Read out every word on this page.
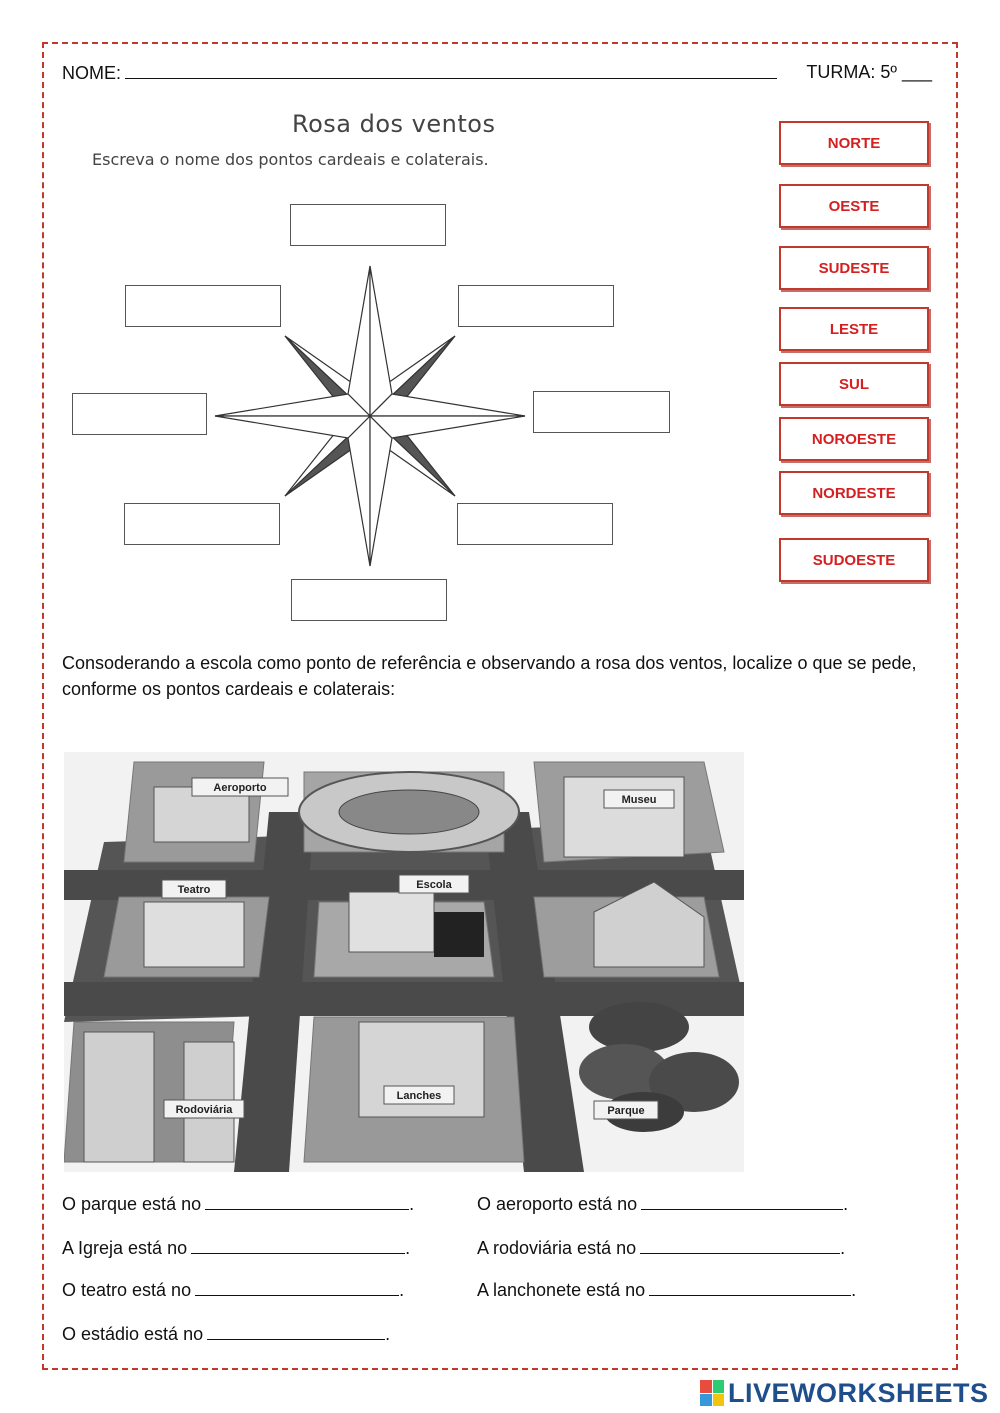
NOME:	TURMA: 5º ___
Rosa dos ventos
Escreva o nome dos pontos cardeais e colaterais.
NORTE
OESTE
SUDESTE
LESTE
SUL
NOROESTE
NORDESTE
SUDOESTE
Consoderando a escola como ponto de referência e observando a rosa dos ventos, localize o que se pede, conforme os pontos cardeais e colaterais:
Aeroporto
Museu
Teatro	Escola
Rodoviária
Lanches
Parque
O parque está no	.	O aeroporto está no	.
A Igreja está no	.	A rodoviária está no	.
O teatro está no	.	A lanchonete está no	.
O estádio está no	.
LIVEWORKSHEETS
